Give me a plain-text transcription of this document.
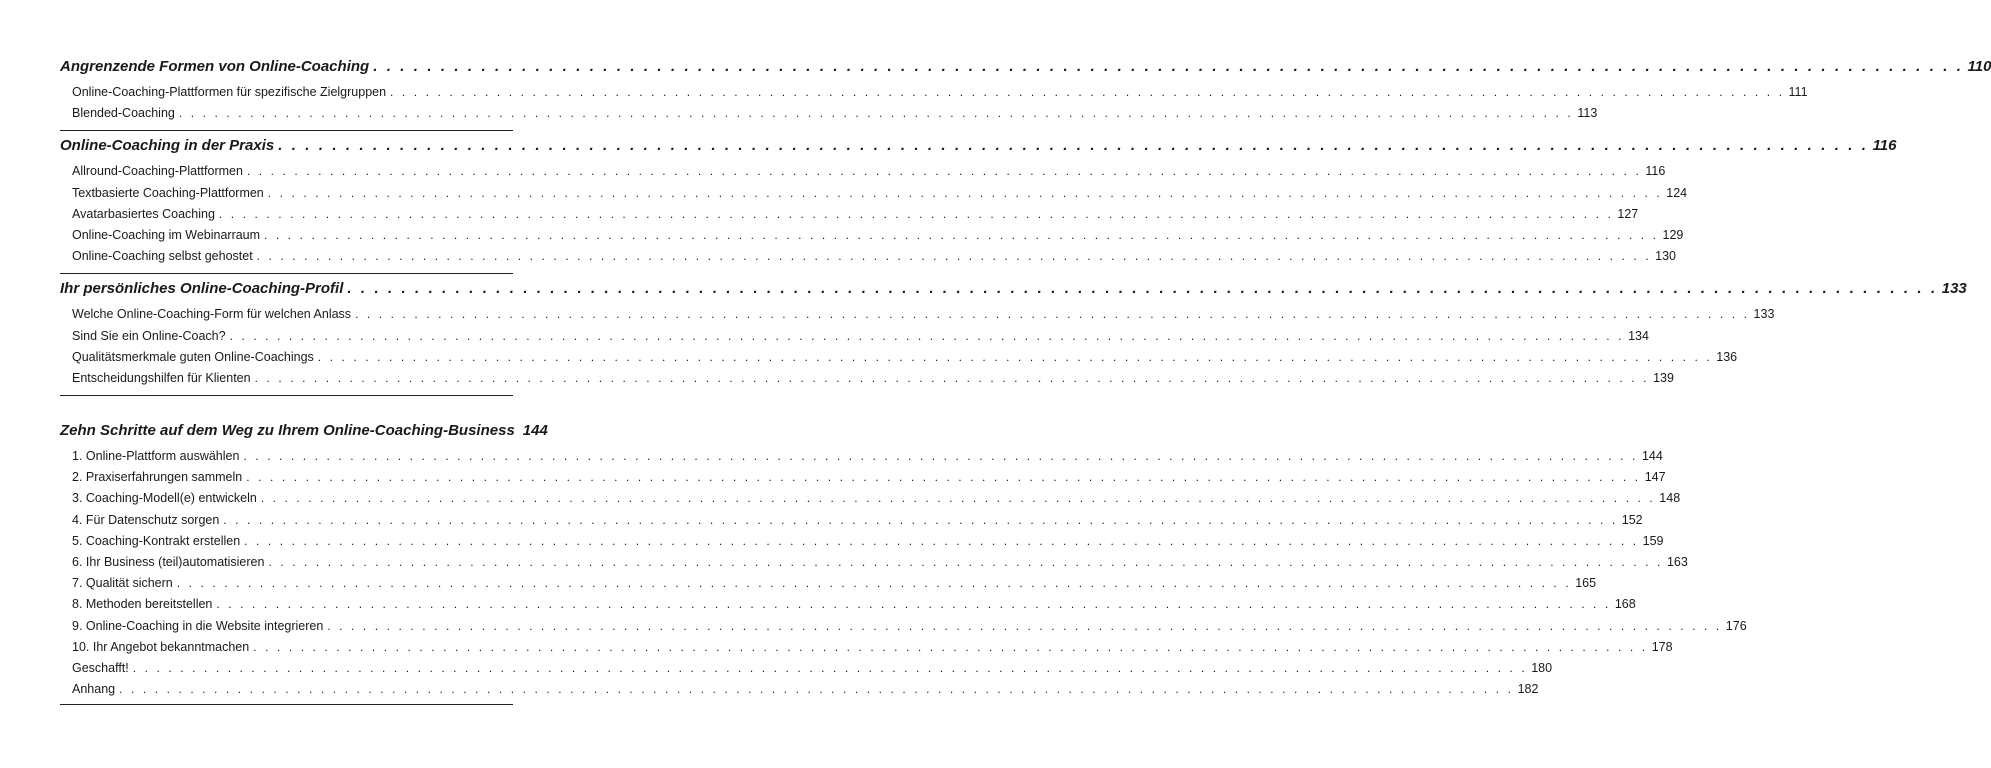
Angrenzende Formen von Online-Coaching . . .	110
Online-Coaching-Plattformen für spezifische Zielgruppen . . .	111
Blended-Coaching . . .	113
Online-Coaching in der Praxis . . .	116
Allround-Coaching-Plattformen . . .	116
Textbasierte Coaching-Plattformen . . .	124
Avatarbasiertes Coaching . . .	127
Online-Coaching im Webinarraum . . .	129
Online-Coaching selbst gehostet . . .	130
Ihr persönliches Online-Coaching-Profil . . .	133
Welche Online-Coaching-Form für welchen Anlass . . .	133
Sind Sie ein Online-Coach? . . .	134
Qualitätsmerkmale guten Online-Coachings . . .	136
Entscheidungshilfen für Klienten . . .	139
Zehn Schritte auf dem Weg zu Ihrem Online-Coaching-Business 144
1. Online-Plattform auswählen . . .	144
2. Praxiserfahrungen sammeln . . .	147
3. Coaching-Modell(e) entwickeln . . .	148
4. Für Datenschutz sorgen . . .	152
5. Coaching-Kontrakt erstellen . . .	159
6. Ihr Business (teil)automatisieren . . .	163
7. Qualität sichern . . .	165
8. Methoden bereitstellen . . .	168
9. Online-Coaching in die Website integrieren . . .	176
10. Ihr Angebot bekanntmachen . . .	178
Geschafft! . . .	180
Anhang . . .	182
